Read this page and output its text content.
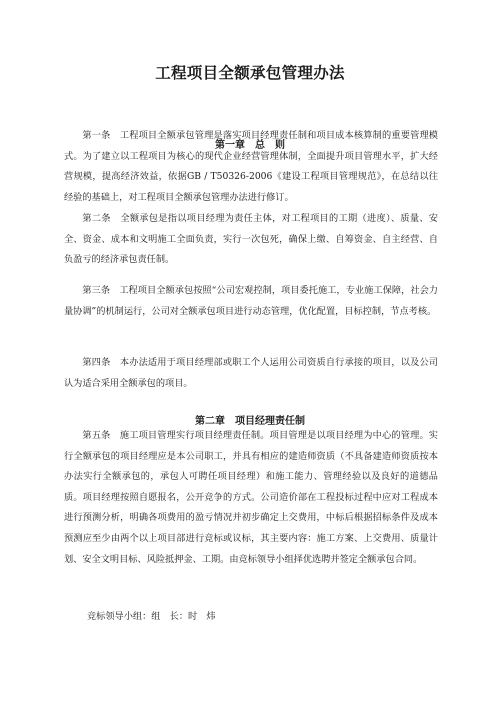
工程项目全额承包管理办法
第一章　总　则

第一条　工程项目全额承包管理是落实项目经理责任制和项目成本核算制的重要管理模式。为了建立以工程项目为核心的现代企业经营管理体制，全面提升项目管理水平，扩大经营规模，提高经济效益，依据GB / T50326-2006《建设工程项目管理规范》，在总结以往经验的基础上，对工程项目全额承包管理办法进行修订。

第二条　全额承包是指以项目经理为责任主体，对工程项目的工期（进度）、质量、安全、资金、成本和文明施工全面负责，实行一次包死，确保上缴、自筹资金、自主经营、自负盈亏的经济承包责任制。

第三条　工程项目全额承包按照“公司宏观控制，项目委托施工，专业施工保障，社会力量协调”的机制运行，公司对全额承包项目进行动态管理，优化配置，目标控制，节点考核。

第四条　本办法适用于项目经理部或职工个人运用公司资质自行承接的项目，以及公司认为适合采用全额承包的项目。

第二章　项目经理责任制

第五条　施工项目管理实行项目经理责任制。项目管理是以项目经理为中心的管理。实行全额承包的项目经理应是本公司职工，并具有相应的建造师资质（不具备建造师资质按本办法实行全额承包的，承包人可聘任项目经理）和施工能力、管理经验以及良好的道德品质。项目经理按照自愿报名，公开竞争的方式。公司造价部在工程投标过程中应对工程成本进行预测分析，明确各项费用的盈亏情况并初步确定上交费用，中标后根据招标条件及成本预测应至少由两个以上项目部进行竞标或议标，其主要内容：施工方案、上交费用、质量计划、安全文明目标、风险抵押金、工期。由竞标领导小组择优选聘并签定全额承包合同。

竞标领导小组：组　长：时　炜
